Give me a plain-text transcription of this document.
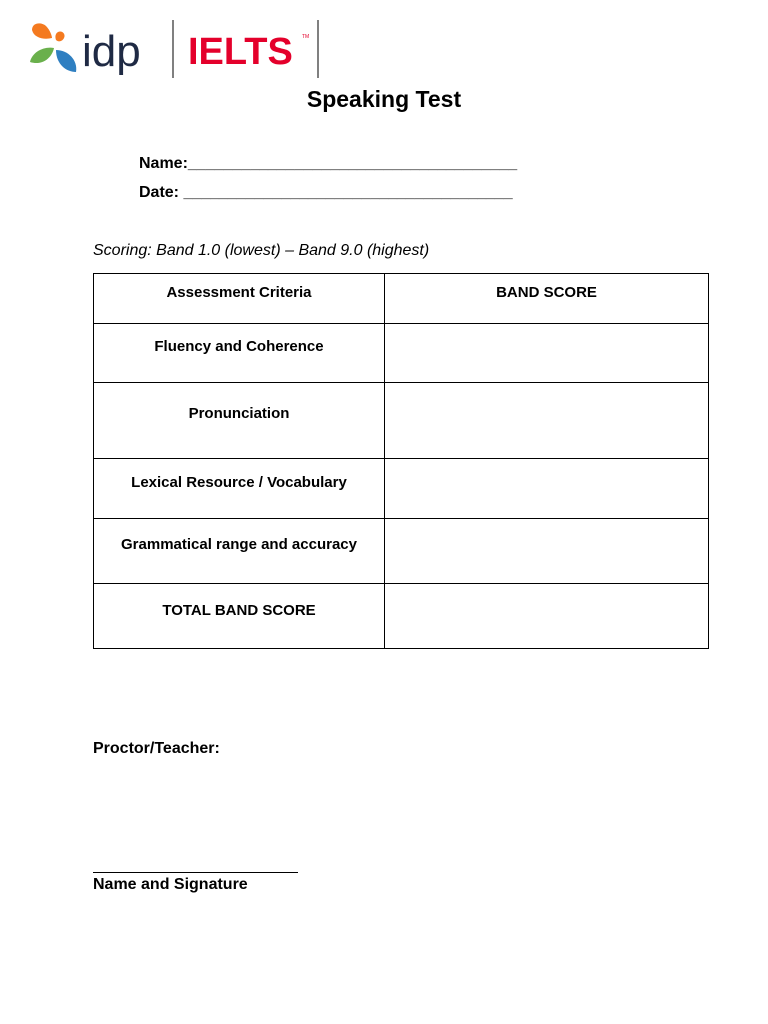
idp IELTS TM
Speaking Test
Name:_____________________________________
Date: _____________________________________
Scoring: Band 1.0 (lowest) – Band 9.0 (highest)
Assessment Criteria	BAND SCORE
Fluency and Coherence	
Pronunciation	
Lexical Resource / Vocabulary	
Grammatical range and accuracy	
TOTAL BAND SCORE	
Proctor/Teacher:
Name and Signature
